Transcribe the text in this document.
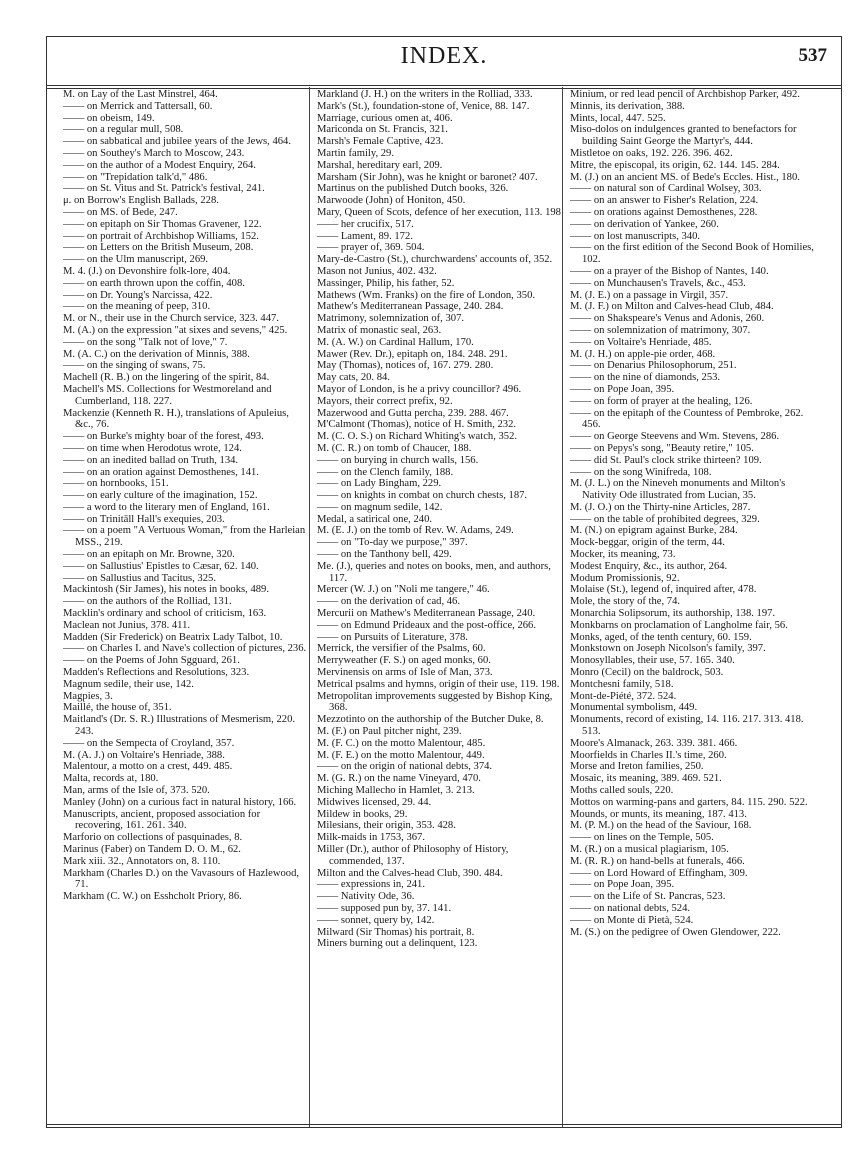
INDEX.	537

M. on Lay of the Last Minstrel, 464.

—— on Merrick and Tattersall, 60.

—— on obeism, 149.

—— on a regular mull, 508.

—— on sabbatical and jubilee years of the Jews, 464.

—— on Southey's March to Moscow, 243.

—— on the author of a Modest Enquiry, 264.

—— on "Trepidation talk'd," 486.

—— on St. Vitus and St. Patrick's festival, 241.

μ. on Borrow's English Ballads, 228.

—— on MS. of Bede, 247.

—— on epitaph on Sir Thomas Gravener, 122.

—— on portrait of Archbishop Williams, 152.

—— on Letters on the British Museum, 208.

—— on the Ulm manuscript, 269.

M. 4. (J.) on Devonshire folk-lore, 404.

—— on earth thrown upon the coffin, 408.

—— on Dr. Young's Narcissa, 422.

—— on the meaning of peep, 310.

M. or N., their use in the Church service, 323. 447.

M. (A.) on the expression "at sixes and sevens," 425.

—— on the song "Talk not of love," 7.

M. (A. C.) on the derivation of Minnis, 388.

—— on the singing of swans, 75.

Machell (R. B.) on the lingering of the spirit, 84.

Machell's MS. Collections for Westmoreland and Cumberland, 118. 227.

Mackenzie (Kenneth R. H.), translations of Apuleius, &c., 76.

—— on Burke's mighty boar of the forest, 493.

—— on time when Herodotus wrote, 124.

—— on an inedited ballad on Truth, 134.

—— on an oration against Demosthenes, 141.

—— on hornbooks, 151.

—— on early culture of the imagination, 152.

—— a word to the literary men of England, 161.

—— on Trinitāll Hall's exequies, 203.

—— on a poem "A Vertuous Woman," from the Harleian MSS., 219.

—— on an epitaph on Mr. Browne, 320.

—— on Sallustius' Epistles to Cæsar, 62. 140.

—— on Sallustius and Tacitus, 325.

Mackintosh (Sir James), his notes in books, 489.

—— on the authors of the Rolliad, 131.

Macklin's ordinary and school of criticism, 163.

Maclean not Junius, 378. 411.

Madden (Sir Frederick) on Beatrix Lady Talbot, 10.

—— on Charles I. and Nave's collection of pictures, 236.

—— on the Poems of John Sgguard, 261.

Madden's Reflections and Resolutions, 323.

Magnum sedile, their use, 142.

Magpies, 3.

Maillé, the house of, 351.

Maitland's (Dr. S. R.) Illustrations of Mesmerism, 220. 243.

—— on the Sempecta of Croyland, 357.

M. (A. J.) on Voltaire's Henriade, 388.

Malentour, a motto on a crest, 449. 485.

Malta, records at, 180.

Man, arms of the Isle of, 373. 520.

Manley (John) on a curious fact in natural history, 166.

Manuscripts, ancient, proposed association for recovering, 161. 261. 340.

Marforio on collections of pasquinades, 8.

Marinus (Faber) on Tandem D. O. M., 62.

Mark xiii. 32., Annotators on, 8. 110.

Markham (Charles D.) on the Vavasours of Hazlewood, 71.

Markham (C. W.) on Esshcholt Priory, 86.

Markland (J. H.) on the writers in the Rolliad, 333.

Mark's (St.), foundation-stone of, Venice, 88. 147.

Marriage, curious omen at, 406.

Mariconda on St. Francis, 321.

Marsh's Female Captive, 423.

Martin family, 29.

Marshal, hereditary earl, 209.

Marsham (Sir John), was he knight or baronet? 407.

Martinus on the published Dutch books, 326.

Marwoode (John) of Honiton, 450.

Mary, Queen of Scots, defence of her execution, 113. 198

—— her crucifix, 517.

—— Lament, 89. 172.

—— prayer of, 369. 504.

Mary-de-Castro (St.), churchwardens' accounts of, 352.

Mason not Junius, 402. 432.

Massinger, Philip, his father, 52.

Mathews (Wm. Franks) on the fire of London, 350.

Mathew's Mediterranean Passage, 240. 284.

Matrimony, solemnization of, 307.

Matrix of monastic seal, 263.

M. (A. W.) on Cardinal Hallum, 170.

Mawer (Rev. Dr.), epitaph on, 184. 248. 291.

May (Thomas), notices of, 167. 279. 280.

May cats, 20. 84.

Mayor of London, is he a privy councillor? 496.

Mayors, their correct prefix, 92.

Mazerwood and Gutta percha, 239. 288. 467.

M'Calmont (Thomas), notice of H. Smith, 232.

M. (C. O. S.) on Richard Whiting's watch, 352.

M. (C. R.) on tomb of Chaucer, 188.

—— on burying in church walls, 156.

—— on the Clench family, 188.

—— on Lady Bingham, 229.

—— on knights in combat on church chests, 187.

—— on magnum sedile, 142.

Medal, a satirical one, 240.

M. (E. J.) on the tomb of Rev. W. Adams, 249.

—— on "To-day we purpose," 397.

—— on the Tanthony bell, 429.

Me. (J.), queries and notes on books, men, and authors, 117.

Mercer (W. J.) on "Noli me tangere," 46.

—— on the derivation of cad, 46.

Mercurii on Mathew's Mediterranean Passage, 240.

—— on Edmund Prideaux and the post-office, 266.

—— on Pursuits of Literature, 378.

Merrick, the versifier of the Psalms, 60.

Merryweather (F. S.) on aged monks, 60.

Mervinensis on arms of Isle of Man, 373.

Metrical psalms and hymns, origin of their use, 119. 198.

Metropolitan improvements suggested by Bishop King, 368.

Mezzotinto on the authorship of the Butcher Duke, 8.

M. (F.) on Paul pitcher night, 239.

M. (F. C.) on the motto Malentour, 485.

M. (F. E.) on the motto Malentour, 449.

—— on the origin of national debts, 374.

M. (G. R.) on the name Vineyard, 470.

Miching Mallecho in Hamlet, 3. 213.

Midwives licensed, 29. 44.

Mildew in books, 29.

Milesians, their origin, 353. 428.

Milk-maids in 1753, 367.

Miller (Dr.), author of Philosophy of History, commended, 137.

Milton and the Calves-head Club, 390. 484.

—— expressions in, 241.

—— Nativity Ode, 36.

—— supposed pun by, 37. 141.

—— sonnet, query by, 142.

Milward (Sir Thomas) his portrait, 8.

Miners burning out a delinquent, 123.

Minium, or red lead pencil of Archbishop Parker, 492.

Minnis, its derivation, 388.

Mints, local, 447. 525.

Miso-dolos on indulgences granted to benefactors for building Saint George the Martyr's, 444.

Mistletoe on oaks, 192. 226. 396. 462.

Mitre, the episcopal, its origin, 62. 144. 145. 284.

M. (J.) on an ancient MS. of Bede's Eccles. Hist., 180.

—— on natural son of Cardinal Wolsey, 303.

—— on an answer to Fisher's Relation, 224.

—— on orations against Demosthenes, 228.

—— on derivation of Yankee, 260.

—— on lost manuscripts, 340.

—— on the first edition of the Second Book of Homilies, 102.

—— on a prayer of the Bishop of Nantes, 140.

—— on Munchausen's Travels, &c., 453.

M. (J. E.) on a passage in Virgil, 357.

M. (J. F.) on Milton and Calves-head Club, 484.

—— on Shakspeare's Venus and Adonis, 260.

—— on solemnization of matrimony, 307.

—— on Voltaire's Henriade, 485.

M. (J. H.) on apple-pie order, 468.

—— on Denarius Philosophorum, 251.

—— on the nine of diamonds, 253.

—— on Pope Joan, 395.

—— on form of prayer at the healing, 126.

—— on the epitaph of the Countess of Pembroke, 262. 456.

—— on George Steevens and Wm. Stevens, 286.

—— on Pepys's song, "Beauty retire," 105.

—— did St. Paul's clock strike thirteen? 109.

—— on the song Winifreda, 108.

M. (J. L.) on the Nineveh monuments and Milton's Nativity Ode illustrated from Lucian, 35.

M. (J. O.) on the Thirty-nine Articles, 287.

—— on the table of prohibited degrees, 329.

M. (N.) on epigram against Burke, 284.

Mock-beggar, origin of the term, 44.

Mocker, its meaning, 73.

Modest Enquiry, &c., its author, 264.

Modum Promissionis, 92.

Molaise (St.), legend of, inquired after, 478.

Mole, the story of the, 74.

Monarchia Solipsorum, its authorship, 138. 197.

Monkbarns on proclamation of Langholme fair, 56.

Monks, aged, of the tenth century, 60. 159.

Monkstown on Joseph Nicolson's family, 397.

Monosyllables, their use, 57. 165. 340.

Monro (Cecil) on the baldrock, 503.

Montchesni family, 518.

Mont-de-Piété, 372. 524.

Monumental symbolism, 449.

Monuments, record of existing, 14. 116. 217. 313. 418. 513.

Moore's Almanack, 263. 339. 381. 466.

Moorfields in Charles II.'s time, 260.

Morse and Ireton families, 250.

Mosaic, its meaning, 389. 469. 521.

Moths called souls, 220.

Mottos on warming-pans and garters, 84. 115. 290. 522.

Mounds, or munts, its meaning, 187. 413.

M. (P. M.) on the head of the Saviour, 168.

—— on lines on the Temple, 505.

M. (R.) on a musical plagiarism, 105.

M. (R. R.) on hand-bells at funerals, 466.

—— on Lord Howard of Effingham, 309.

—— on Pope Joan, 395.

—— on the Life of St. Pancras, 523.

—— on national debts, 524.

—— on Monte di Pietà, 524.

M. (S.) on the pedigree of Owen Glendower, 222.
